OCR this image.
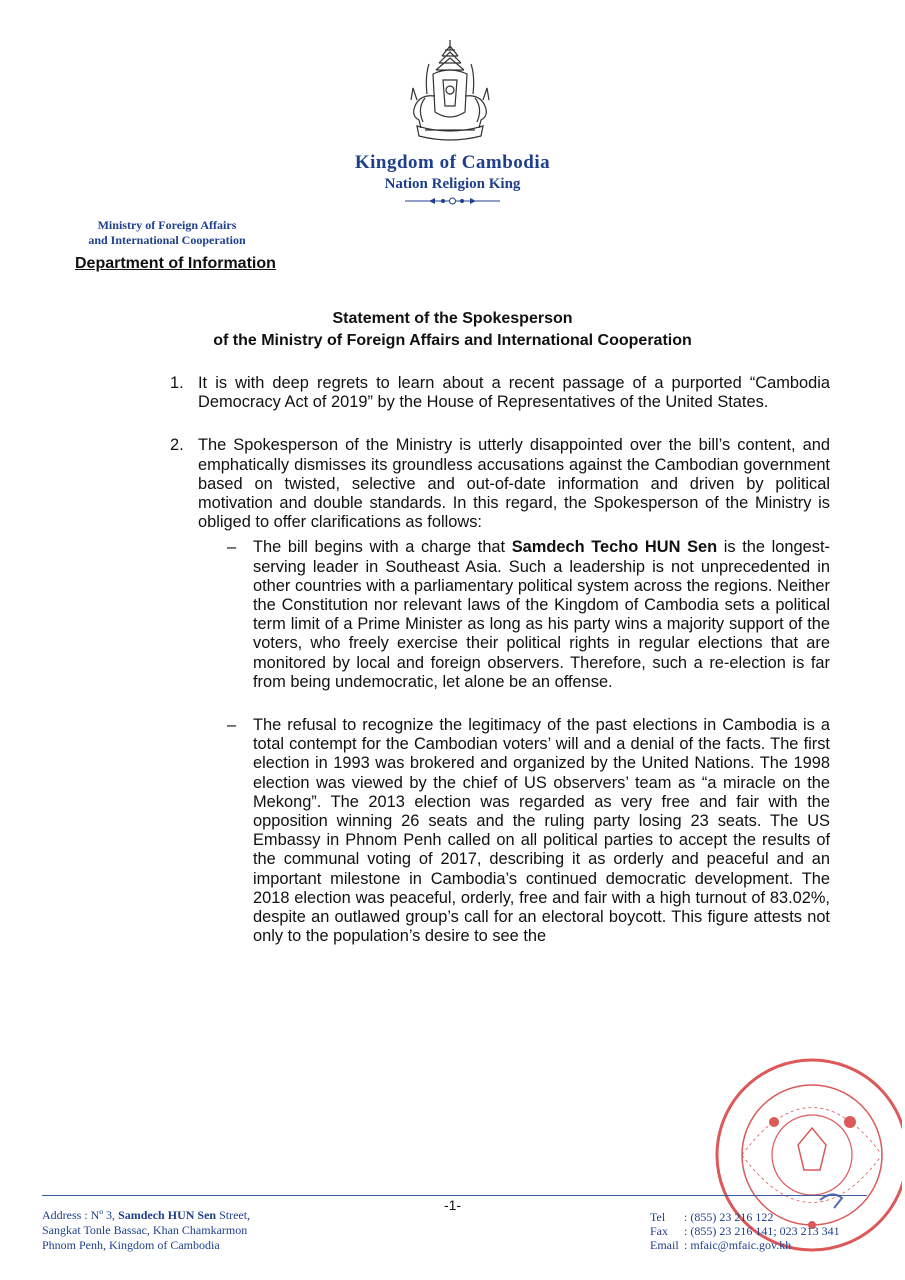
Kingdom of Cambodia
Nation Religion King
Ministry of Foreign Affairs
and International Cooperation
Department of Information
Statement of the Spokesperson
of the Ministry of Foreign Affairs and International Cooperation
1. It is with deep regrets to learn about a recent passage of a purported “Cambodia Democracy Act of 2019” by the House of Representatives of the United States.
2. The Spokesperson of the Ministry is utterly disappointed over the bill’s content, and emphatically dismisses its groundless accusations against the Cambodian government based on twisted, selective and out-of-date information and driven by political motivation and double standards. In this regard, the Spokesperson of the Ministry is obliged to offer clarifications as follows:
– The bill begins with a charge that Samdech Techo HUN Sen is the longest-serving leader in Southeast Asia. Such a leadership is not unprecedented in other countries with a parliamentary political system across the regions. Neither the Constitution nor relevant laws of the Kingdom of Cambodia sets a political term limit of a Prime Minister as long as his party wins a majority support of the voters, who freely exercise their political rights in regular elections that are monitored by local and foreign observers. Therefore, such a re-election is far from being undemocratic, let alone be an offense.
– The refusal to recognize the legitimacy of the past elections in Cambodia is a total contempt for the Cambodian voters’ will and a denial of the facts. The first election in 1993 was brokered and organized by the United Nations. The 1998 election was viewed by the chief of US observers’ team as “a miracle on the Mekong”. The 2013 election was regarded as very free and fair with the opposition winning 26 seats and the ruling party losing 23 seats. The US Embassy in Phnom Penh called on all political parties to accept the results of the communal voting of 2017, describing it as orderly and peaceful and an important milestone in Cambodia’s continued democratic development. The 2018 election was peaceful, orderly, free and fair with a high turnout of 83.02%, despite an outlawed group’s call for an electoral boycott. This figure attests not only to the population’s desire to see the
-1-
Address : Nº 3, Samdech HUN Sen Street,
Sangkat Tonle Bassac, Khan Chamkarmon
Phnom Penh, Kingdom of Cambodia
Tel : (855) 23 216 122
Fax : (855) 23 216 141; 023 213 341
Email : mfaic@mfaic.gov.kh
